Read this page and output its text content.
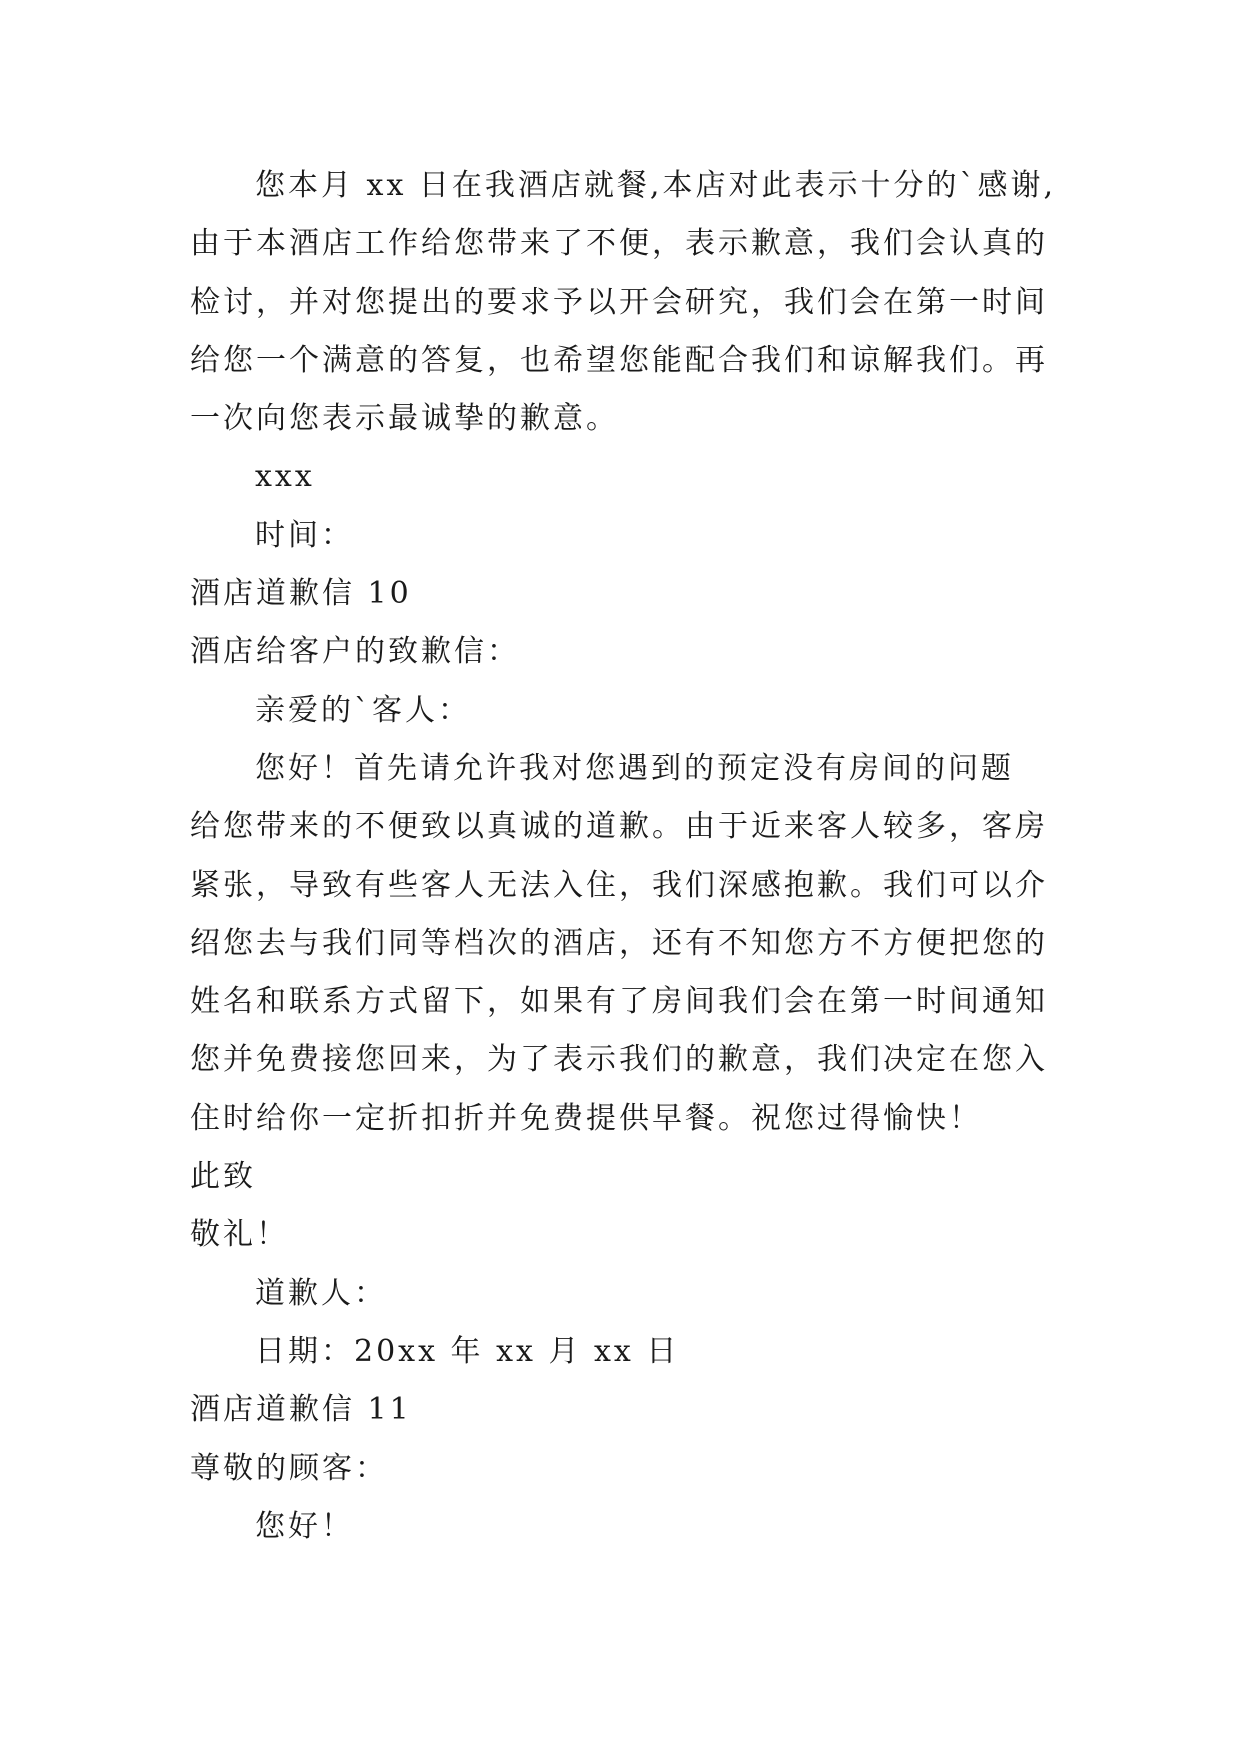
您本月 xx 日在我酒店就餐,本店对此表示十分的`感谢,
由于本酒店工作给您带来了不便，表示歉意，我们会认真的
检讨，并对您提出的要求予以开会研究，我们会在第一时间
给您一个满意的答复，也希望您能配合我们和谅解我们。再
一次向您表示最诚挚的歉意。
xxx
时间：
酒店道歉信 10
酒店给客户的致歉信：
亲爱的`客人：
您好！首先请允许我对您遇到的预定没有房间的问题
给您带来的不便致以真诚的道歉。由于近来客人较多，客房
紧张，导致有些客人无法入住，我们深感抱歉。我们可以介
绍您去与我们同等档次的酒店，还有不知您方不方便把您的
姓名和联系方式留下，如果有了房间我们会在第一时间通知
您并免费接您回来，为了表示我们的歉意，我们决定在您入
住时给你一定折扣折并免费提供早餐。祝您过得愉快！
此致
敬礼！
道歉人：
日期：20xx 年 xx 月 xx 日
酒店道歉信 11
尊敬的顾客：
您好！
